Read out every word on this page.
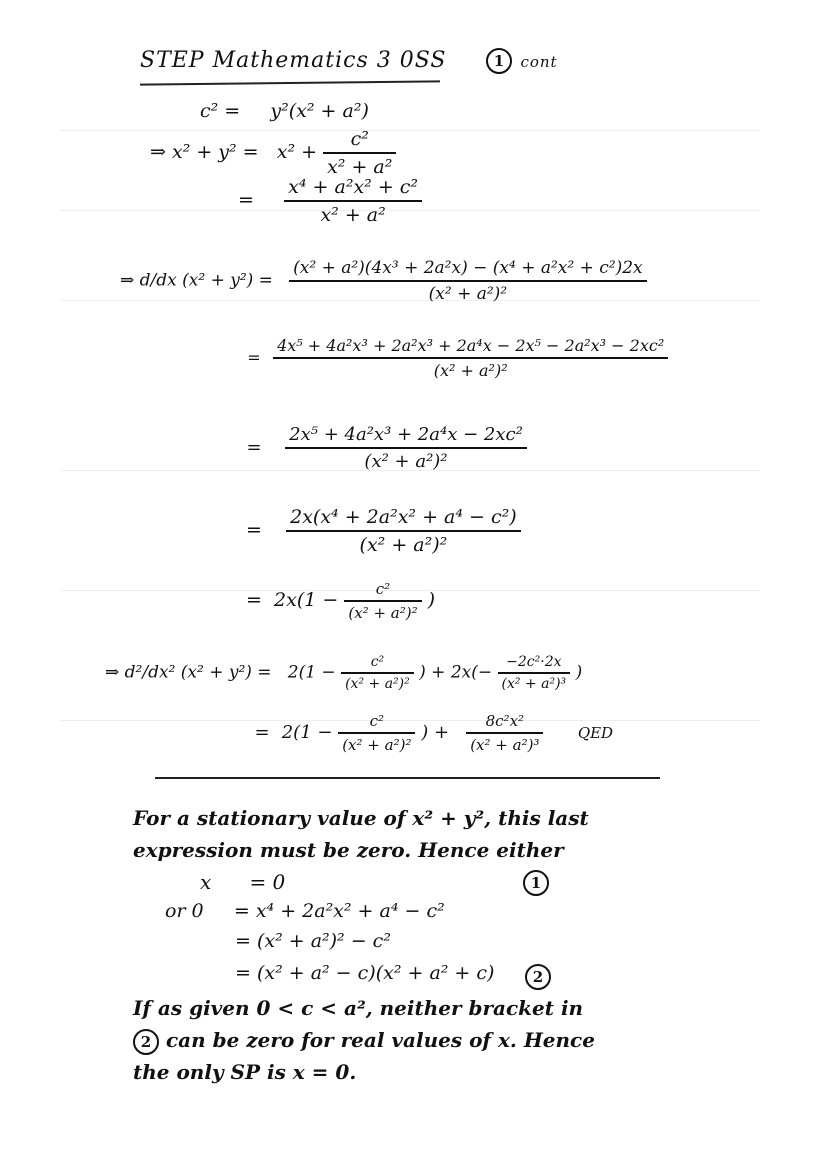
STEP Mathematics 3 0SS	1 cont
c² = y²(x² + a²)
⇒ $x^2 + y^2 = x^2 + \frac{\text{c²}}{\text{x² + a²}}$
= $\frac{\text{x⁴ + a²x² + c²}}{\text{x² + a²}}$
⇒ d/dx $(x^2 + y^2) = \frac{\text{(x² + a²)(4x³ + 2a²x) − (x⁴ + a²x² + c²)2x}}{\text{(x² + a²)²}}$
= $\frac{\text{4x⁵ + 4a²x³ + 2a²x³ + 2a⁴x − 2x⁵ − 2a²x³ − 2xc²}}{\text{(x² + a²)²}}$
= $\frac{\text{2x⁵ + 4a²x³ + 2a⁴x − 2xc²}}{\text{(x² + a²)²}}$
= $\frac{\text{2x(x⁴ + 2a²x² + a⁴ − c²)}}{\text{(x² + a²)²}}$
= $2x(1 - \frac{\text{c²}}{\text{(x² + a²)²}}$ )
⇒ d²/dx² $(x^2 + y^2) = 2(1 - \frac{\text{c²}}{\text{(x² + a²)²}}$ ) + $2x(- \frac{\text{−2c²·2x}}{\text{(x² + a²)³}}$ )
= $2(1 - \frac{\text{c²}}{\text{(x² + a²)²}}$ ) + $\frac{\text{8c²x²}}{\text{(x² + a²)³}}$ QED
For a stationary value of x² + y², this last
expression must be zero. Hence either
x = 0	1
or 0 = x⁴ + 2a²x² + a⁴ − c²
= (x² + a²)² − c²
= (x² + a² − c)(x² + a² + c)	2
If as given 0 < c < a², neither bracket in
2 can be zero for real values of x. Hence
the only SP is x = 0.
